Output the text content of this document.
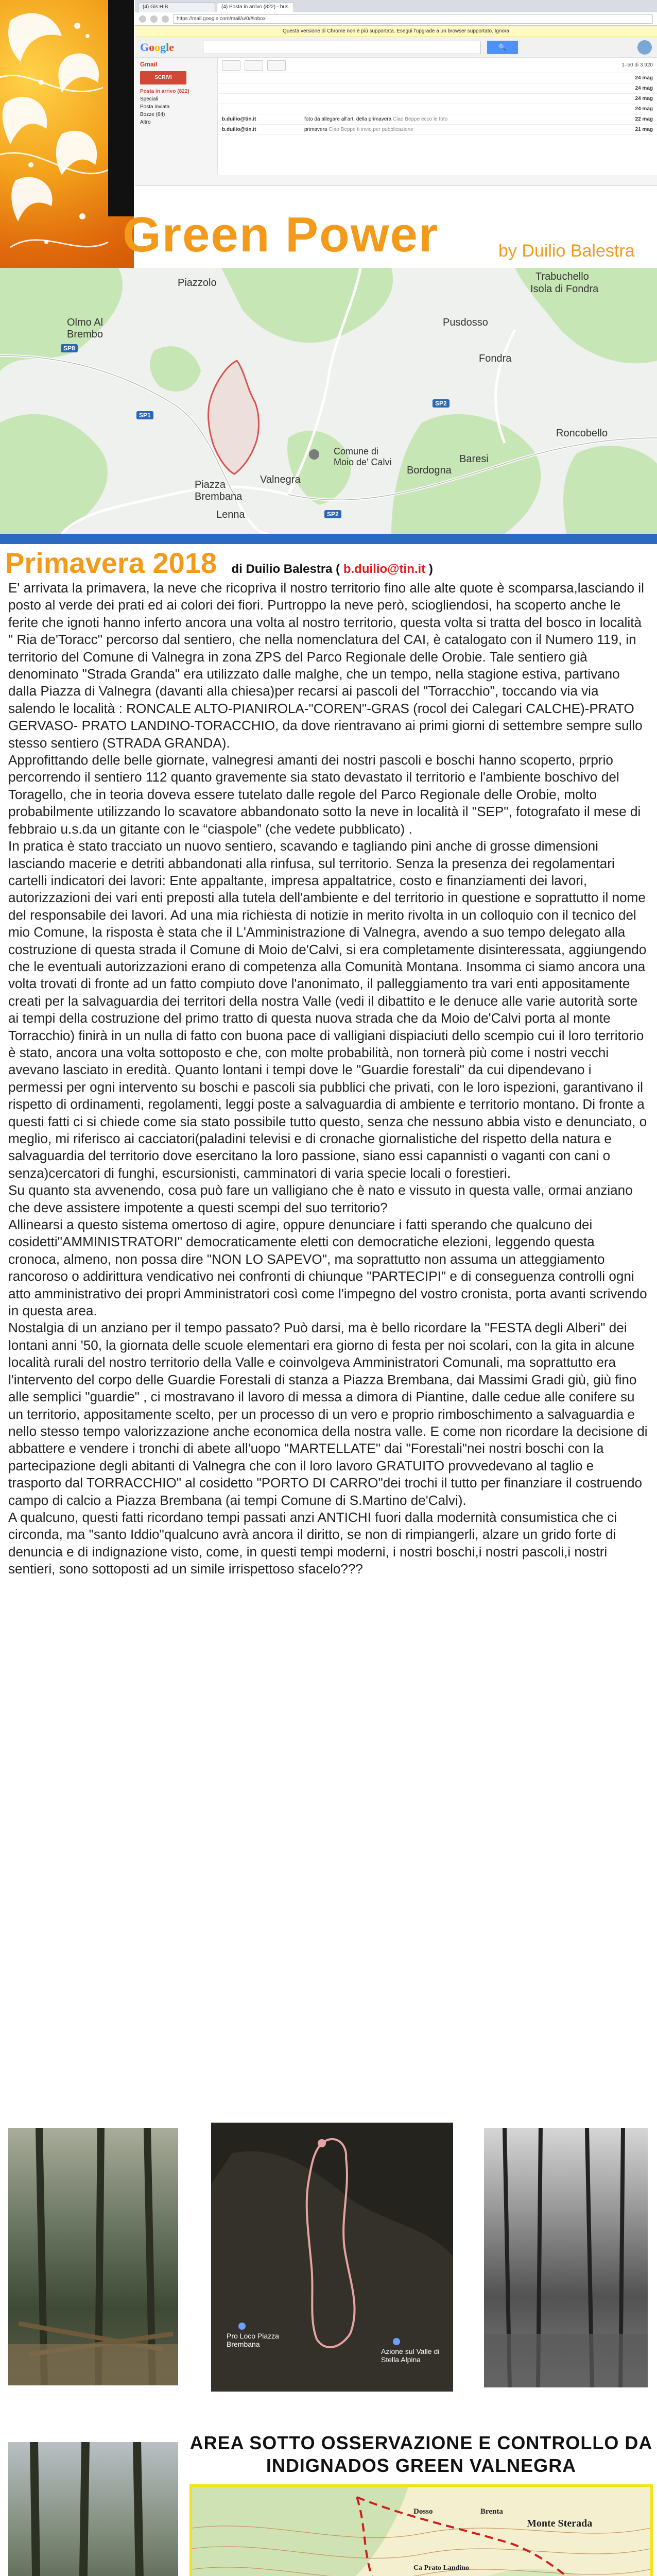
(4) Gis HIB	(4) Posta in arrivo (822) - bus
https://mail.google.com/mail/u/0/#inbox
Questa versione di Chrome non è più supportata. Esegui l'upgrade a un browser supportato. Ignora
Google	🔍
Gmail
SCRIVI
Posta in arrivo (822)
Speciali
Posta inviata
Bozze (64)
Altro
1–50 di 3.920
24 mag
24 mag
24 mag
24 mag
b.duilio@tin.it	foto da allegare all'art. della primavera Ciao Beppe ecco le foto	22 mag
b.duilio@tin.it	primavera Ciao Beppe ti invio per pubblicazione	21 mag
Green Power	by Duilio Balestra
Piazzolo
Trabuchello
Isola di Fondra
Olmo Al Brembo
Pusdosso
Fondra
Comune di Moio de' Calvi
Valnegra
Piazza Brembana
Lenna
Bordogna
Baresi
Roncobello
SP8
SP1
SP2
SP2
Primavera 2018 di Duilio Balestra ( b.duilio@tin.it )

E' arrivata la primavera, la neve che ricopriva il nostro territorio fino alle alte quote è scomparsa,lasciando il posto al verde dei prati ed ai colori dei fiori. Purtroppo la neve però, sciogliendosi, ha scoperto anche le ferite che ignoti hanno inferto ancora una volta al nostro territorio, questa volta si tratta del bosco in località " Ria de'Toracc" percorso dal sentiero, che nella nomenclatura del CAI, è catalogato con il Numero 119, in territorio del Comune di Valnegra in zona ZPS del Parco Regionale delle Orobie. Tale sentiero già denominato "Strada Granda" era utilizzato dalle malghe, che un tempo, nella stagione estiva, partivano dalla Piazza di Valnegra (davanti alla chiesa)per recarsi ai pascoli del "Torracchio", toccando via via salendo le località : RONCALE ALTO-PIANIROLA-"COREN"-GRAS (rocol dei Calegari CALCHE)-PRATO GERVASO- PRATO LANDINO-TORACCHIO, da dove rientravano ai primi giorni di settembre sempre sullo stesso sentiero (STRADA GRANDA).

Approfittando delle belle giornate, valnegresi amanti dei nostri pascoli e boschi hanno scoperto, prprio percorrendo il sentiero 112 quanto gravemente sia stato devastato il territorio e l'ambiente boschivo del Toragello, che in teoria doveva essere tutelato dalle regole del Parco Regionale delle Orobie, molto probabilmente utilizzando lo scavatore abbandonato sotto la neve in località il "SEP", fotografato il mese di febbraio u.s.da un gitante con le “ciaspole” (che vedete pubblicato) .

In pratica è stato tracciato un nuovo sentiero, scavando e tagliando pini anche di grosse dimensioni lasciando macerie e detriti abbandonati alla rinfusa, sul territorio. Senza la presenza dei regolamentari cartelli indicatori dei lavori: Ente appaltante, impresa appaltatrice, costo e finanziamenti dei lavori, autorizzazioni dei vari enti preposti alla tutela dell'ambiente e del territorio in questione e soprattutto il nome del responsabile dei lavori. Ad una mia richiesta di notizie in merito rivolta in un colloquio con il tecnico del mio Comune, la risposta è stata che il L'Amministrazione di Valnegra, avendo a suo tempo delegato alla costruzione di questa strada il Comune di Moio de'Calvi, si era completamente disinteressata, aggiungendo che le eventuali autorizzazioni erano di competenza alla Comunità Montana. Insomma ci siamo ancora una volta trovati di fronte ad un fatto compiuto dove l'anonimato, il palleggiamento tra vari enti appositamente creati per la salvaguardia dei territori della nostra Valle (vedi il dibattito e le denuce alle varie autorità sorte ai tempi della costruzione del primo tratto di questa nuova strada che da Moio de'Calvi porta al monte Torracchio) finirà in un nulla di fatto con buona pace di valligiani dispiaciuti dello scempio cui il loro territorio è stato, ancora una volta sottoposto e che, con molte probabilità, non tornerà più come i nostri vecchi avevano lasciato in eredità. Quanto lontani i tempi dove le "Guardie forestali" da cui dipendevano i permessi per ogni intervento su boschi e pascoli sia pubblici che privati, con le loro ispezioni, garantivano il rispetto di ordinamenti, regolamenti, leggi poste a salvaguardia di ambiente e territorio montano. Di fronte a questi fatti ci si chiede come sia stato possibile tutto questo, senza che nessuno abbia visto e denunciato, o meglio, mi riferisco ai cacciatori(paladini televisi e di cronache giornalistiche del rispetto della natura e salvaguardia del territorio dove esercitano la loro passione, siano essi capannisti o vaganti con cani o senza)cercatori di funghi, escursionisti, camminatori di varia specie locali o forestieri.

Su quanto sta avvenendo, cosa può fare un valligiano che è nato e vissuto in questa valle, ormai anziano che deve assistere impotente a questi scempi del suo territorio?

Allinearsi a questo sistema omertoso di agire, oppure denunciare i fatti sperando che qualcuno dei cosidetti"AMMINISTRATORI" democraticamente eletti con democratiche elezioni, leggendo questa cronoca, almeno, non possa dire "NON LO SAPEVO", ma soprattutto non assuma un atteggiamento rancoroso o addirittura vendicativo nei confronti di chiunque "PARTECIPI" e di conseguenza controlli ogni atto amministrativo dei propri Amministratori così come l'impegno del vostro cronista, porta avanti scrivendo in questa area.

Nostalgia di un anziano per il tempo passato? Può darsi, ma è bello ricordare la "FESTA degli Alberi" dei lontani anni '50, la giornata delle scuole elementari era giorno di festa per noi scolari, con la gita in alcune località rurali del nostro territorio della Valle e coinvolgeva Amministratori Comunali, ma soprattutto era l'intervento del corpo delle Guardie Forestali di stanza a Piazza Brembana, dai Massimi Gradi giù, giù fino alle semplici "guardie" , ci mostravano il lavoro di messa a dimora di Piantine, dalle cedue alle conifere su un territorio, appositamente scelto, per un processo di un vero e proprio rimboschimento a salvaguardia e nello stesso tempo valorizzazione anche economica della nostra valle. E come non ricordare la decisione di abbattere e vendere i tronchi di abete all'uopo "MARTELLATE" dai "Forestali"nei nostri boschi con la partecipazione degli abitanti di Valnegra che con il loro lavoro GRATUITO provvedevano al taglio e trasporto dal TORRACCHIO" al cosidetto "PORTO DI CARRO"dei trochi il tutto per finanziare il costruendo campo di calcio a Piazza Brembana (ai tempi Comune di S.Martino de'Calvi).

A qualcuno, questi fatti ricordano tempi passati anzi ANTICHI fuori dalla modernità consumistica che ci circonda, ma "santo Iddio"qualcuno avrà ancora il diritto, se non di rimpiangerli, alzare un grido forte di denuncia e di indignazione visto, come, in questi tempi moderni, i nostri boschi,i nostri pascoli,i nostri sentieri, sono sottoposti ad un simile irrispettoso sfacelo???

Pro Loco Piazza Brembana
Azione sul Valle di Stella Alpina
AREA SOTTO OSSERVAZIONE E CONTROLLO DA
INDIGNADOS GREEN VALNEGRA
Monte Sterada
Ca Prato Landino
Dosso	Brenta
